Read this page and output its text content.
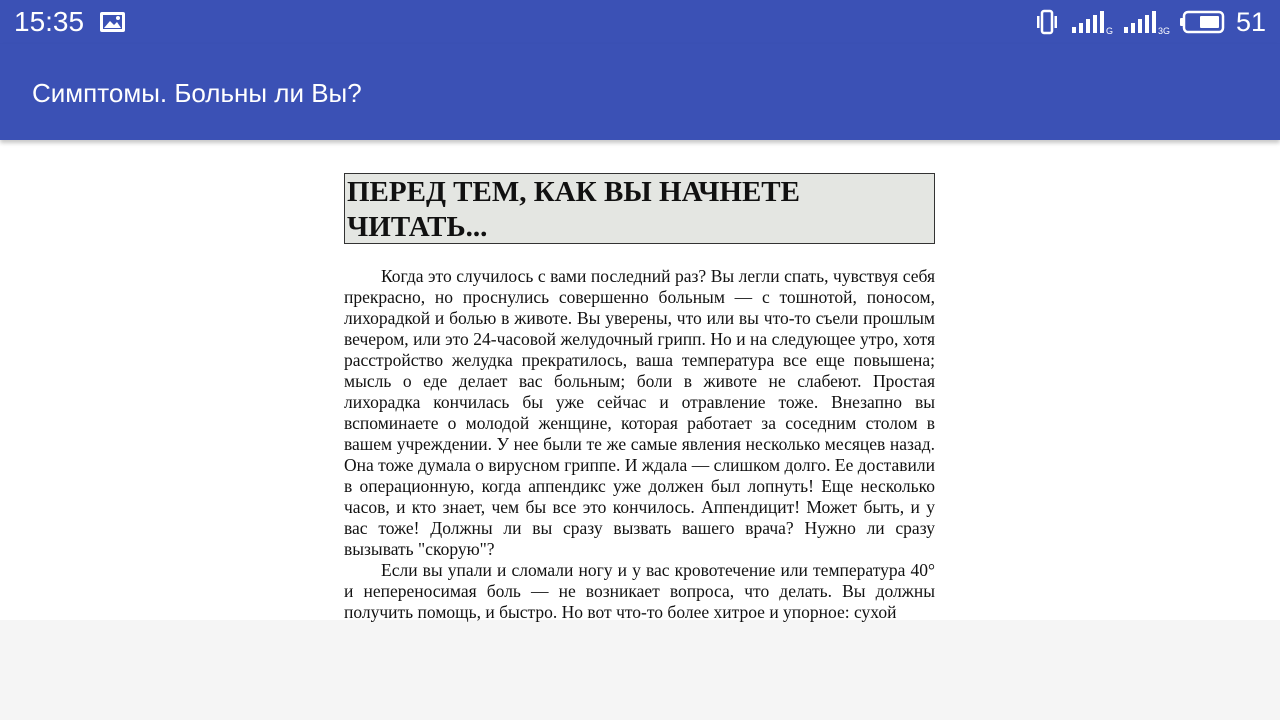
15:35	G	3G 51
Симптомы. Больны ли Вы?
ПЕРЕД ТЕМ, КАК ВЫ НАЧНЕТЕ ЧИТАТЬ...

Когда это случилось с вами последний раз? Вы легли спать, чувствуя себя прекрасно, но проснулись совершенно больным — с тошнотой, поносом, лихорадкой и болью в животе. Вы уверены, что или вы что-то съели прошлым вечером, или это 24-часовой желудочный грипп. Но и на следующее утро, хотя расстройство желудка прекратилось, ваша температура все еще повышена; мысль о еде делает вас больным; боли в животе не слабеют. Простая лихорадка кончилась бы уже сейчас и отравление тоже. Внезапно вы вспоминаете о молодой женщине, которая работает за соседним столом в вашем учреждении. У нее были те же самые явления несколько месяцев назад. Она тоже думала о вирусном гриппе. И ждала — слишком долго. Ее доставили в операционную, когда аппендикс уже должен был лопнуть! Еще несколько часов, и кто знает, чем бы все это кончилось. Аппендицит! Может быть, и у вас тоже! Должны ли вы сразу вызвать вашего врача? Нужно ли сразу вызывать "скорую"?

Если вы упали и сломали ногу и у вас кровотечение или температура 40° и непереносимая боль — не возникает вопроса, что делать. Вы должны получить помощь, и быстро. Но вот что-то более хитрое и упорное: сухой
